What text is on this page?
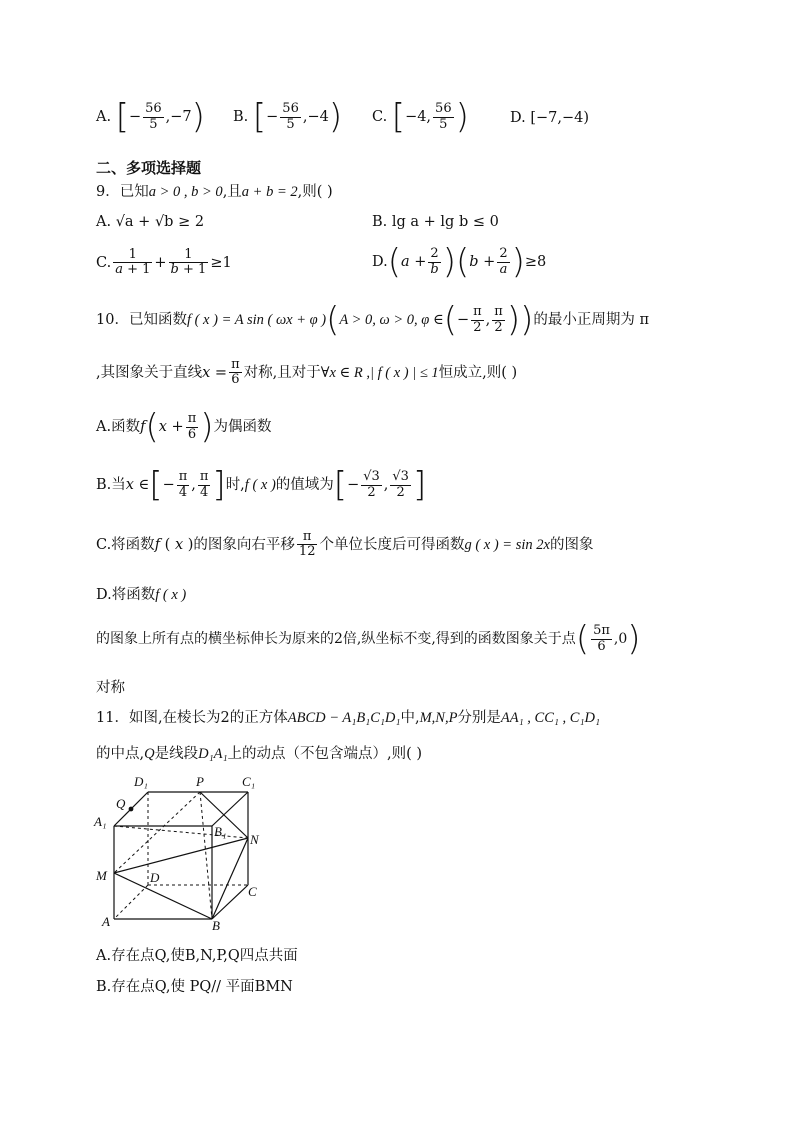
A. [− $\frac{56}{5} ,-7$) B. [− $\frac{56}{5} ,-4$) C. [−4, $\frac{56}{5}$ )	D. [−7,−4)
二、多项选择题
9．已知a > 0 , b > 0,且a + b = 2,则( )
A. √a + √b ≥ 2	B. lg a + lg b ≤ 0
C. $\frac{1}{a + 1} + \frac{1}{b + 1} \ge 1$	$D.(a + \frac{2}{b} )(b + \frac{2}{a} )\ge 8$
10．已知函数f ( x ) = A sin ( ωx + φ )(A > 0, ω > 0, φ ∈(− $\frac{\pi}{2}$ , $\frac{\pi}{2}$ ))的最小正周期为 π
,其图象关于直线$x = \frac{\pi}{6}$ 对称,且对于∀x ∈ R ,| f ( x ) | ≤ 1恒成立,则( )
A.函数$f(x + \frac{\pi}{6}$ )为偶函数
B.当x ∈[− $\frac{\pi}{4}$ , $\frac{\pi}{4}$ ]时,f ( x )的值域为[− $\frac{√3}{2}$ , $\frac{√3}{2}$ ]
C.将函数f ( x )的图象向右平移 $\frac{\pi}{12}$ 个单位长度后可得函数g ( x ) = sin 2x的图象
D.将函数f ( x )
的图象上所有点的横坐标伸长为原来的2倍,纵坐标不变,得到的函数图象关于点( $\frac{5\pi}{6} ,0$)
对称
11．如图,在棱长为2的正方体ABCD − A₁B₁C₁D₁中,M,N,P分别是AA₁ , CC₁ , C₁D₁
的中点,Q是线段D₁A₁上的动点（不包含端点）,则( )
D₁	P	C₁
Q
A₁
B₁
N
M	D
C
A	B
A.存在点Q,使B,N,P,Q四点共面
B.存在点Q,使 PQ// 平面BMN
